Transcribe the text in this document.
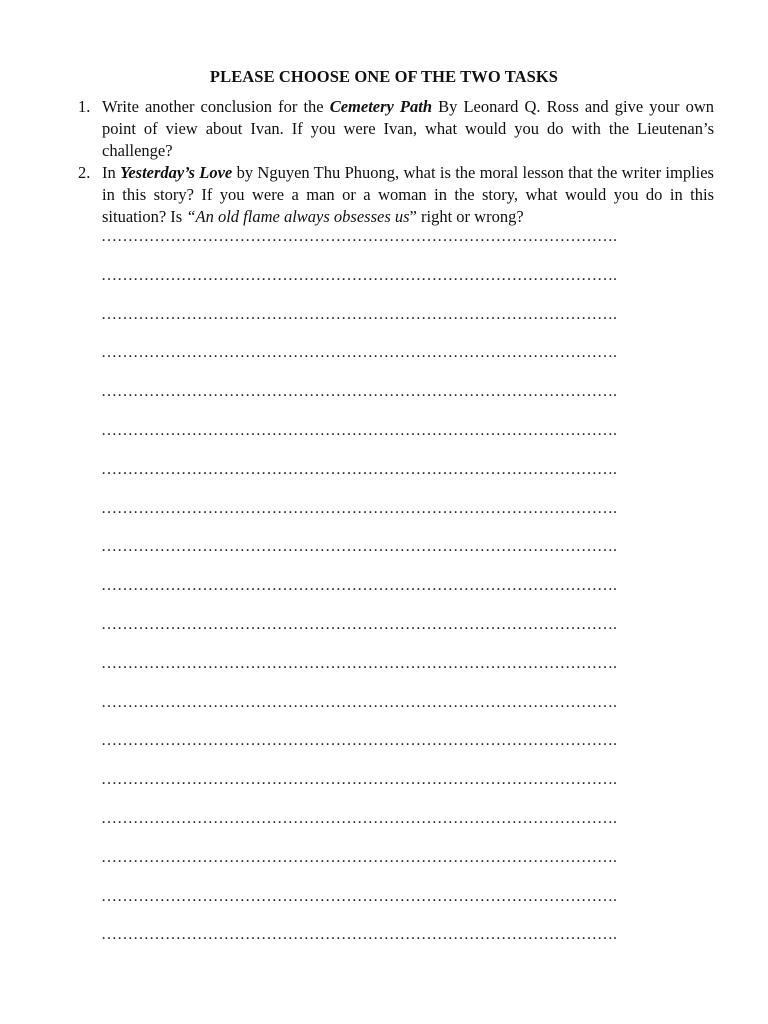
PLEASE CHOOSE ONE OF THE TWO TASKS
1. Write another conclusion for the Cemetery Path By Leonard Q. Ross and give your own point of view about Ivan. If you were Ivan, what would you do with the Lieutenan’s challenge?
2. In Yesterday’s Love by Nguyen Thu Phuong, what is the moral lesson that the writer implies in this story? If you were a man or a woman in the story, what would you do in this situation? Is “An old flame always obsesses us” right or wrong?
…………………………………………………………………………………….
…………………………………………………………………………………….
…………………………………………………………………………………….
…………………………………………………………………………………….
…………………………………………………………………………………….
…………………………………………………………………………………….
…………………………………………………………………………………….
…………………………………………………………………………………….
…………………………………………………………………………………….
…………………………………………………………………………………….
…………………………………………………………………………………….
…………………………………………………………………………………….
…………………………………………………………………………………….
…………………………………………………………………………………….
…………………………………………………………………………………….
…………………………………………………………………………………….
…………………………………………………………………………………….
…………………………………………………………………………………….
…………………………………………………………………………………….
